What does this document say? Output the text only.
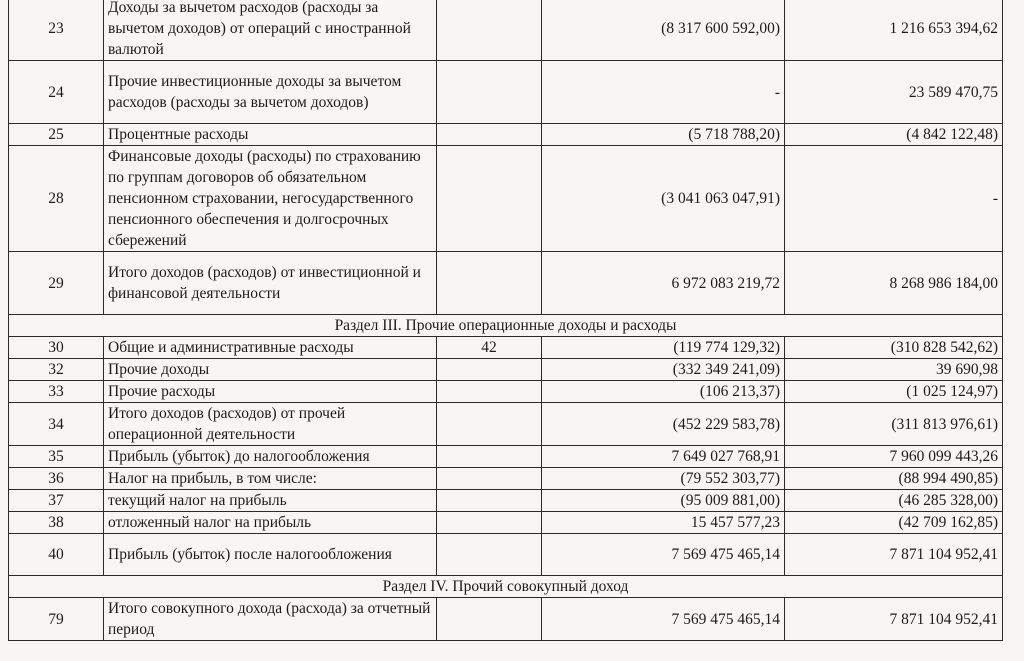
23	Доходы за вычетом расходов (расходы за вычетом доходов) от операций с иностранной валютой		(8 317 600 592,00)	1 216 653 394,62
24	Прочие инвестиционные доходы за вычетом расходов (расходы за вычетом доходов)		-	23 589 470,75
25	Процентные расходы		(5 718 788,20)	(4 842 122,48)
28	Финансовые доходы (расходы) по страхованию по группам договоров об обязательном пенсионном страховании, негосударственного пенсионного обеспечения и долгосрочных сбережений		(3 041 063 047,91)	-
29	Итого доходов (расходов) от инвестиционной и финансовой деятельности		6 972 083 219,72	8 268 986 184,00
Раздел III. Прочие операционные доходы и расходы				
30	Общие и административные расходы	42	(119 774 129,32)	(310 828 542,62)
32	Прочие доходы		(332 349 241,09)	39 690,98
33	Прочие расходы		(106 213,37)	(1 025 124,97)
34	Итого доходов (расходов) от прочей операционной деятельности		(452 229 583,78)	(311 813 976,61)
35	Прибыль (убыток) до налогообложения		7 649 027 768,91	7 960 099 443,26
36	Налог на прибыль, в том числе:		(79 552 303,77)	(88 994 490,85)
37	текущий налог на прибыль		(95 009 881,00)	(46 285 328,00)
38	отложенный налог на прибыль		15 457 577,23	(42 709 162,85)
40	Прибыль (убыток) после налогообложения		7 569 475 465,14	7 871 104 952,41
Раздел IV. Прочий совокупный доход				
79	Итого совокупного дохода (расхода) за отчетный период		7 569 475 465,14	7 871 104 952,41
